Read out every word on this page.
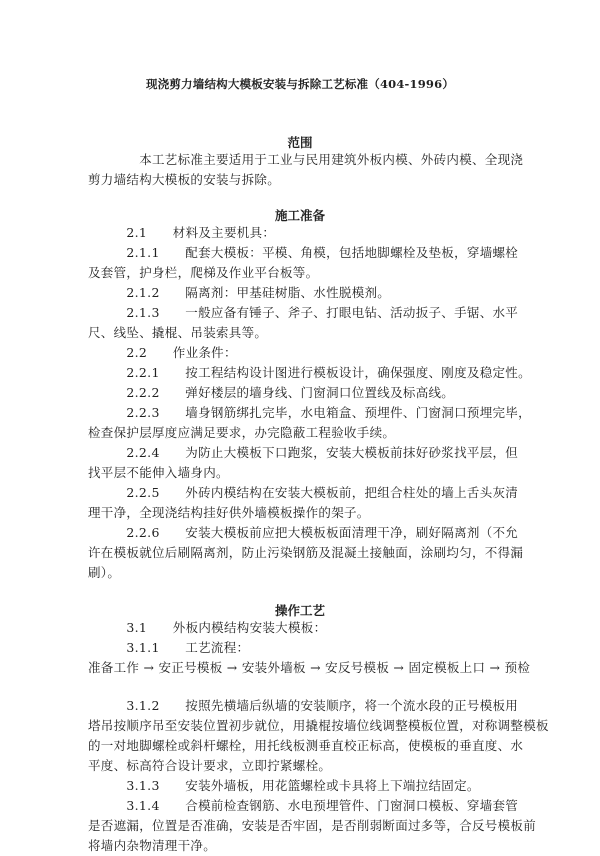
现浇剪力墙结构大模板安装与拆除工艺标准（404-1996）
范围
　　　　本工艺标准主要适用于工业与民用建筑外板内模、外砖内模、全现浇
剪力墙结构大模板的安装与拆除。
施工准备
　　　2.1　　材料及主要机具：
　　　2.1.1　　配套大模板：平模、角模，包括地脚螺栓及垫板，穿墙螺栓
及套管，护身栏，爬梯及作业平台板等。
　　　2.1.2　　隔离剂：甲基硅树脂、水性脱模剂。
　　　2.1.3　　一般应备有锤子、斧子、打眼电钻、活动扳子、手锯、水平
尺、线坠、撬棍、吊装索具等。
　　　2.2　　作业条件：
　　　2.2.1　　按工程结构设计图进行模板设计，确保强度、刚度及稳定性。
　　　2.2.2　　弹好楼层的墙身线、门窗洞口位置线及标高线。
　　　2.2.3　　墙身钢筋绑扎完毕，水电箱盒、预埋件、门窗洞口预埋完毕，
检查保护层厚度应满足要求，办完隐蔽工程验收手续。
　　　2.2.4　　为防止大模板下口跑浆，安装大模板前抹好砂浆找平层，但
找平层不能伸入墙身内。
　　　2.2.5　　外砖内模结构在安装大模板前，把组合柱处的墙上舌头灰清
理干净，全现浇结构挂好供外墙模板操作的架子。
　　　2.2.6　　安装大模板前应把大模板板面清理干净，刷好隔离剂（不允
许在模板就位后刷隔离剂，防止污染钢筋及混凝土接触面，涂刷均匀，不得漏
刷）。
操作工艺
　　　3.1　　外板内模结构安装大模板：
　　　3.1.1　　工艺流程：
准备工作 → 安正号模板 → 安装外墙板 → 安反号模板 → 固定模板上口 → 预检
　　　3.1.2　　按照先横墙后纵墙的安装顺序，将一个流水段的正号模板用
塔吊按顺序吊至安装位置初步就位，用撬棍按墙位线调整模板位置，对称调整模板
的一对地脚螺栓或斜杆螺栓，用托线板测垂直校正标高，使模板的垂直度、水
平度、标高符合设计要求，立即拧紧螺栓。
　　　3.1.3　　安装外墙板，用花篮螺栓或卡具将上下端拉结固定。
　　　3.1.4　　合模前检查钢筋、水电预埋管件、门窗洞口模板、穿墙套管
是否遮漏，位置是否准确，安装是否牢固，是否削弱断面过多等，合反号模板前
将墙内杂物清理干净。
